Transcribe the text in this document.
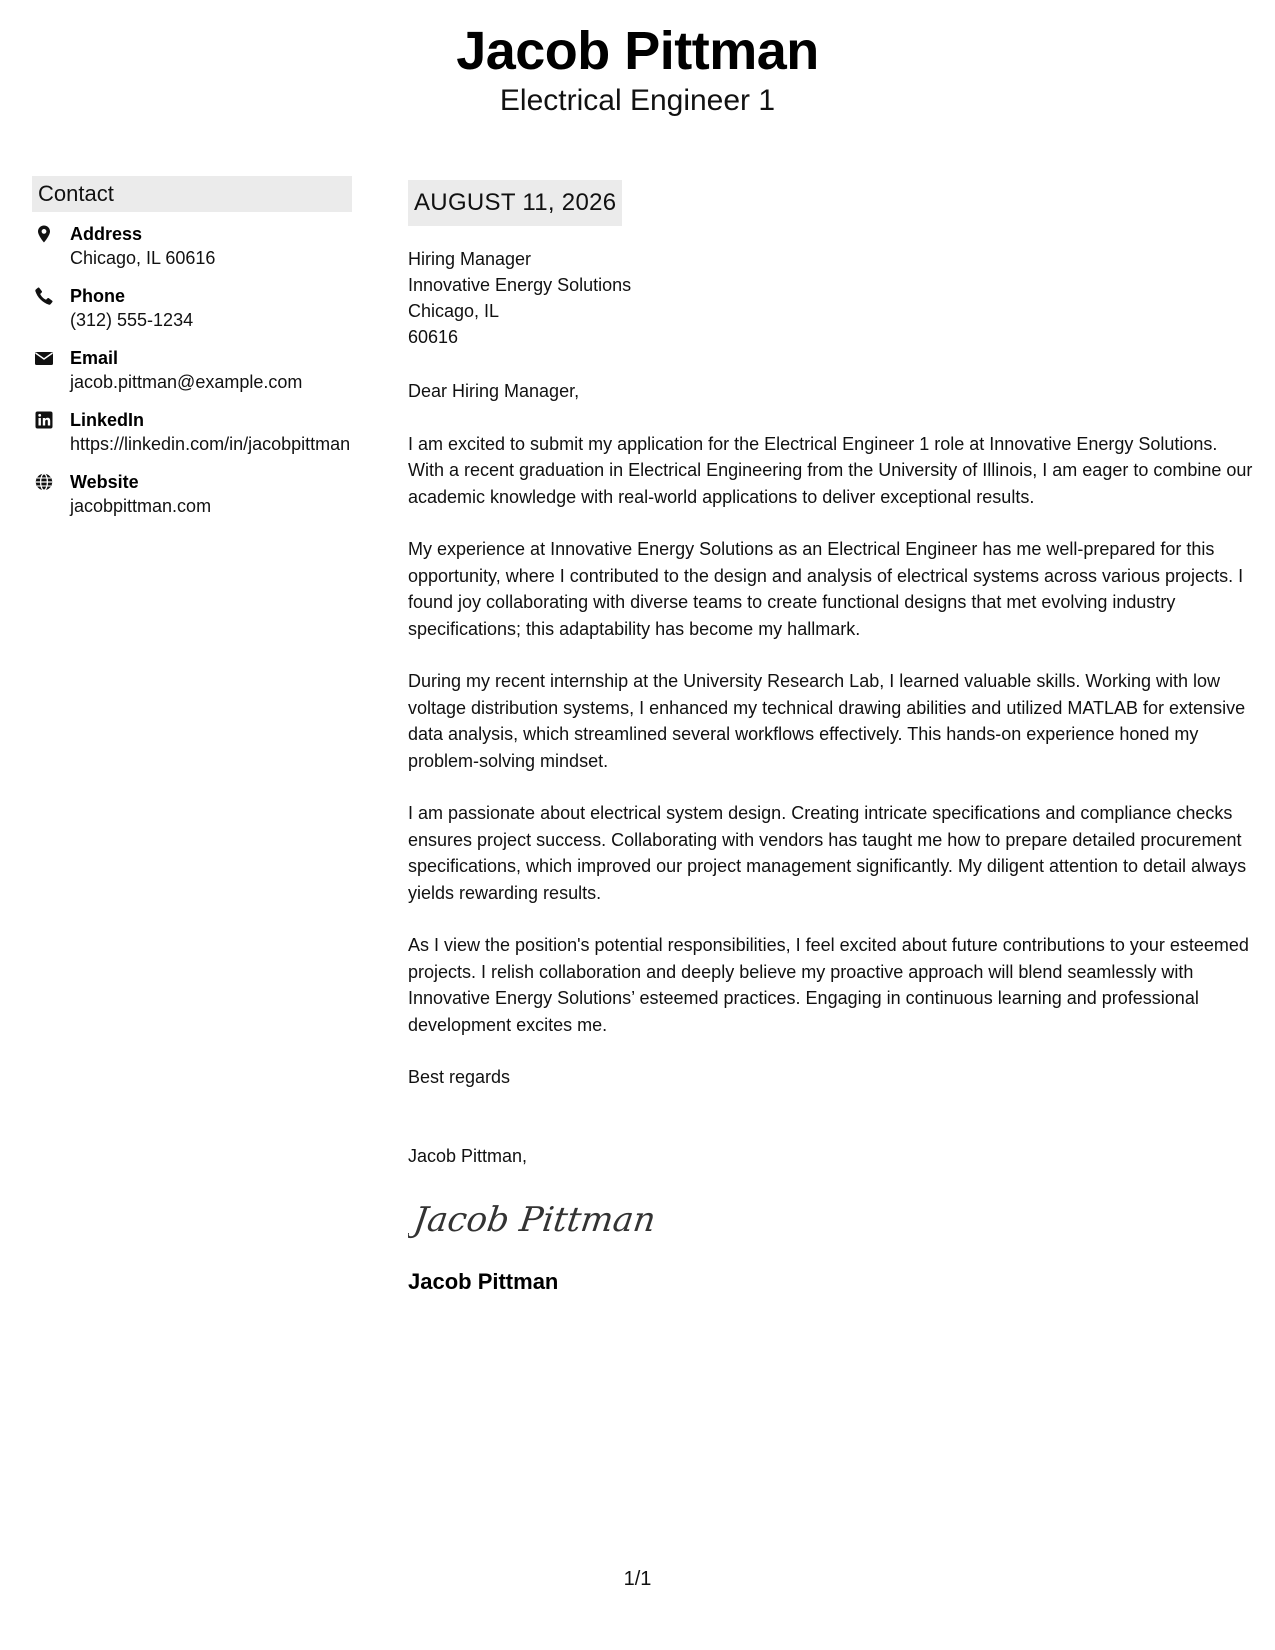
Jacob Pittman
Electrical Engineer 1
Contact
Address
Chicago, IL 60616
Phone
(312) 555-1234
Email
jacob.pittman@example.com
LinkedIn
https://linkedin.com/in/jacobpittman
Website
jacobpittman.com
AUGUST 11, 2026
Hiring Manager
Innovative Energy Solutions
Chicago, IL
60616
Dear Hiring Manager,

I am excited to submit my application for the Electrical Engineer 1 role at Innovative Energy Solutions. With a recent graduation in Electrical Engineering from the University of Illinois, I am eager to combine our academic knowledge with real-world applications to deliver exceptional results.

My experience at Innovative Energy Solutions as an Electrical Engineer has me well-prepared for this opportunity, where I contributed to the design and analysis of electrical systems across various projects. I found joy collaborating with diverse teams to create functional designs that met evolving industry specifications; this adaptability has become my hallmark.

During my recent internship at the University Research Lab, I learned valuable skills. Working with low voltage distribution systems, I enhanced my technical drawing abilities and utilized MATLAB for extensive data analysis, which streamlined several workflows effectively. This hands-on experience honed my problem-solving mindset.

I am passionate about electrical system design. Creating intricate specifications and compliance checks ensures project success. Collaborating with vendors has taught me how to prepare detailed procurement specifications, which improved our project management significantly. My diligent attention to detail always yields rewarding results.

As I view the position's potential responsibilities, I feel excited about future contributions to your esteemed projects. I relish collaboration and deeply believe my proactive approach will blend seamlessly with Innovative Energy Solutions’ esteemed practices. Engaging in continuous learning and professional development excites me.

Best regards
Jacob Pittman,
Jacob Pittman
Jacob Pittman
1/1
